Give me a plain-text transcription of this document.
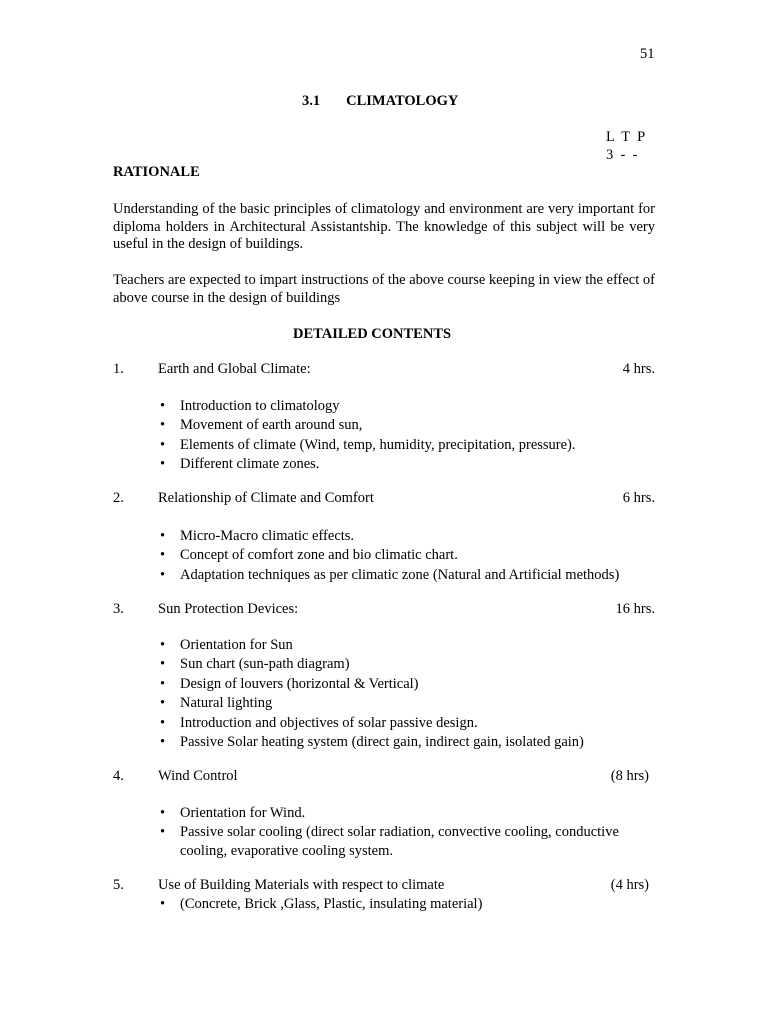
51
3.1 CLIMATOLOGY
L  T  P
3  -  -
RATIONALE
Understanding of the basic principles of climatology and environment are very important for diploma holders in Architectural Assistantship. The knowledge of this subject will be very useful in the design of buildings.
Teachers are expected to impart instructions of the above course keeping in view the effect of above course in the design of buildings
DETAILED CONTENTS
1. Earth and Global Climate:	4 hrs.
• Introduction to climatology
• Movement of earth around sun,
• Elements of climate (Wind, temp, humidity, precipitation, pressure).
• Different climate zones.
2. Relationship of Climate and Comfort	6 hrs.
• Micro-Macro climatic effects.
• Concept of comfort zone and bio climatic chart.
• Adaptation techniques as per climatic zone (Natural and Artificial methods)
3. Sun Protection Devices:	16 hrs.
• Orientation for Sun
• Sun chart (sun-path diagram)
• Design of louvers (horizontal & Vertical)
• Natural lighting
• Introduction and objectives of solar passive design.
• Passive Solar heating system (direct gain, indirect gain, isolated gain)
4. Wind Control	(8 hrs)
• Orientation for Wind.
• Passive solar cooling (direct solar radiation, convective cooling, conductive cooling, evaporative cooling system.
5. Use of Building Materials with respect to climate	(4 hrs)
• (Concrete, Brick ,Glass, Plastic, insulating material)
